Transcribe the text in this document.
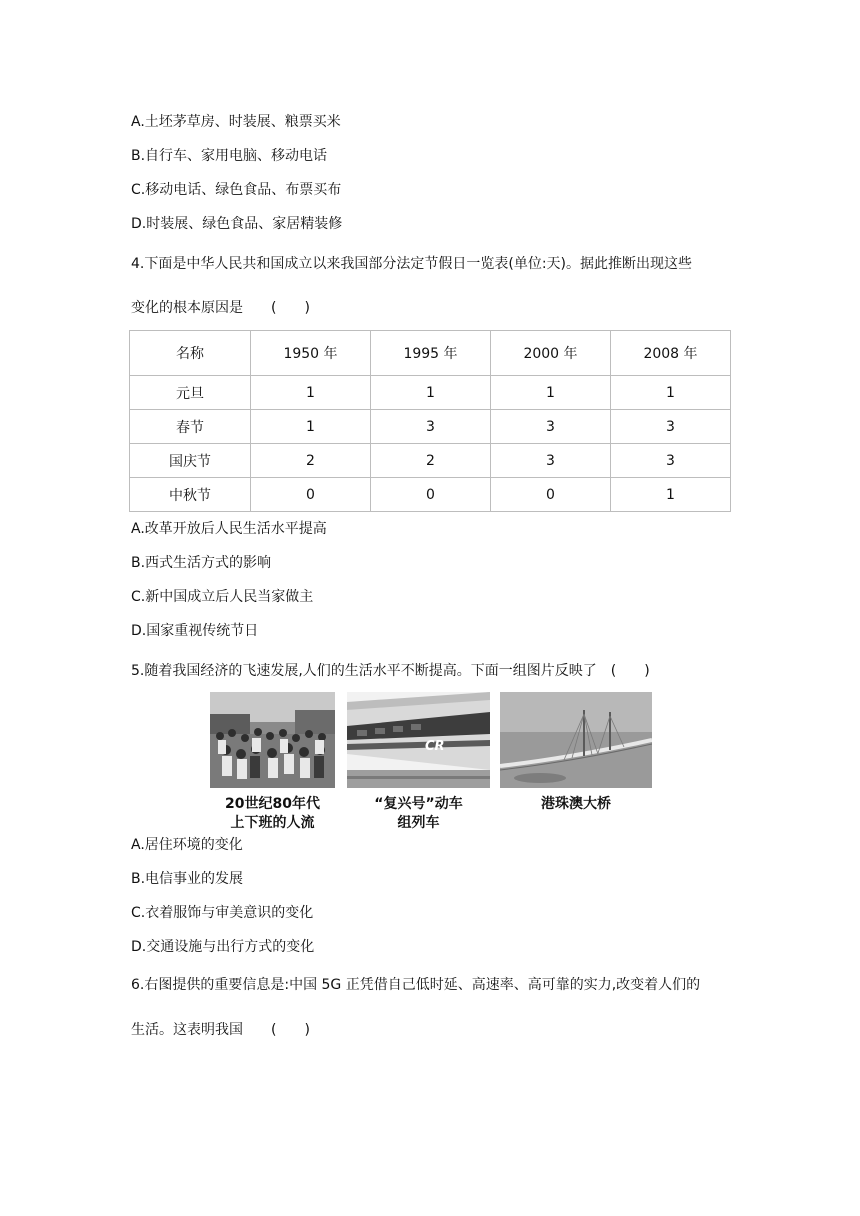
A.土坯茅草房、时装展、粮票买米
B.自行车、家用电脑、移动电话
C.移动电话、绿色食品、布票买布
D.时装展、绿色食品、家居精装修
4.下面是中华人民共和国成立以来我国部分法定节假日一览表(单位:天)。据此推断出现这些
变化的根本原因是　　(　　)
名称	1950 年	1995 年	2000 年	2008 年
元旦	1	1	1	1
春节	1	3	3	3
国庆节	2	2	3	3
中秋节	0	0	0	1
A.改革开放后人民生活水平提高
B.西式生活方式的影响
C.新中国成立后人民当家做主
D.国家重视传统节日
5.随着我国经济的飞速发展,人们的生活水平不断提高。下面一组图片反映了　(　　)
CR
20世纪80年代
上下班的人流
“复兴号”动车
组列车
港珠澳大桥
A.居住环境的变化
B.电信事业的发展
C.衣着服饰与审美意识的变化
D.交通设施与出行方式的变化
6.右图提供的重要信息是:中国 5G 正凭借自己低时延、高速率、高可靠的实力,改变着人们的
生活。这表明我国　　(　　)
